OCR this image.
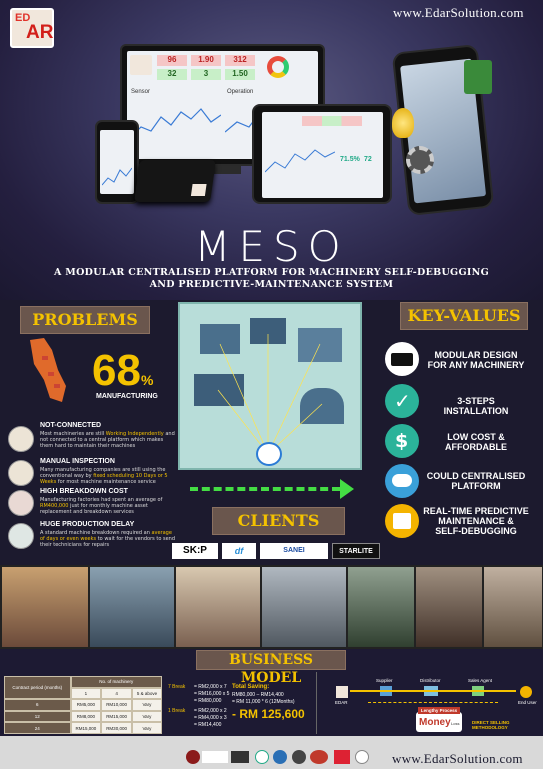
ED
AR
www.EdarSolution.com
96	1.90	312
32	3	1.50
Sensor	Operation
71.5% 72
MESO
A MODULAR CENTRALISED PLATFORM FOR MACHINERY SELF-DEBUGGING
AND PREDICTIVE-MAINTENANCE SYSTEM
PROBLEMS
68%
MANUFACTURING
NOT-CONNECTED
Most machineries are still Working Independently and not connected to a central platform which makes them hard to maintain their machines
MANUAL INSPECTION
Many manufacturing companies are still using the conventional way by fixed scheduling 10 Days or 5 Weeks for most machine maintenance service
HIGH BREAKDOWN COST
Manufacturing factories had spent an average of RM400,000 just for monthly machine asset replacement and breakdown services
HUGE PRODUCTION DELAY
A standard machine breakdown required an average of days or even weeks to wait for the vendors to send their technicians for repairs
CLIENTS
SK:P	df	SANEI	STARLITE
KEY-VALUES
MODULAR DESIGN
FOR ANY MACHINERY
✓	3-STEPS INSTALLATION
$	LOW COST &
AFFORDABLE
COULD CENTRALISED
PLATFORM
REAL-TIME PREDICTIVE
MAINTENANCE &
SELF-DEBUGGING
BUSINESS MODEL
Contract period (months)	No. of machinery		
	1	4	5 & above
6	RM5,000	RM10,000	Vary
12	RM8,000	RM15,000	Vary
24	RM15,000	RM30,000	Vary
7 Break = RM2,000 x 7
= RM16,000 x 5
= RM80,000
1 Break = RM2,000 x 2
= RM4,000 x 3
= RM14,400
Total Saving:
RM80,000 – RM14,400
= RM 11,000 * 6 (12Months)
- RM 125,600
EDAR
Supplier	Distributor	Sales Agent
End User
Lengthy Process
Money Loss	DIRECT SELLING METHODOLOGY
www.EdarSolution.com
